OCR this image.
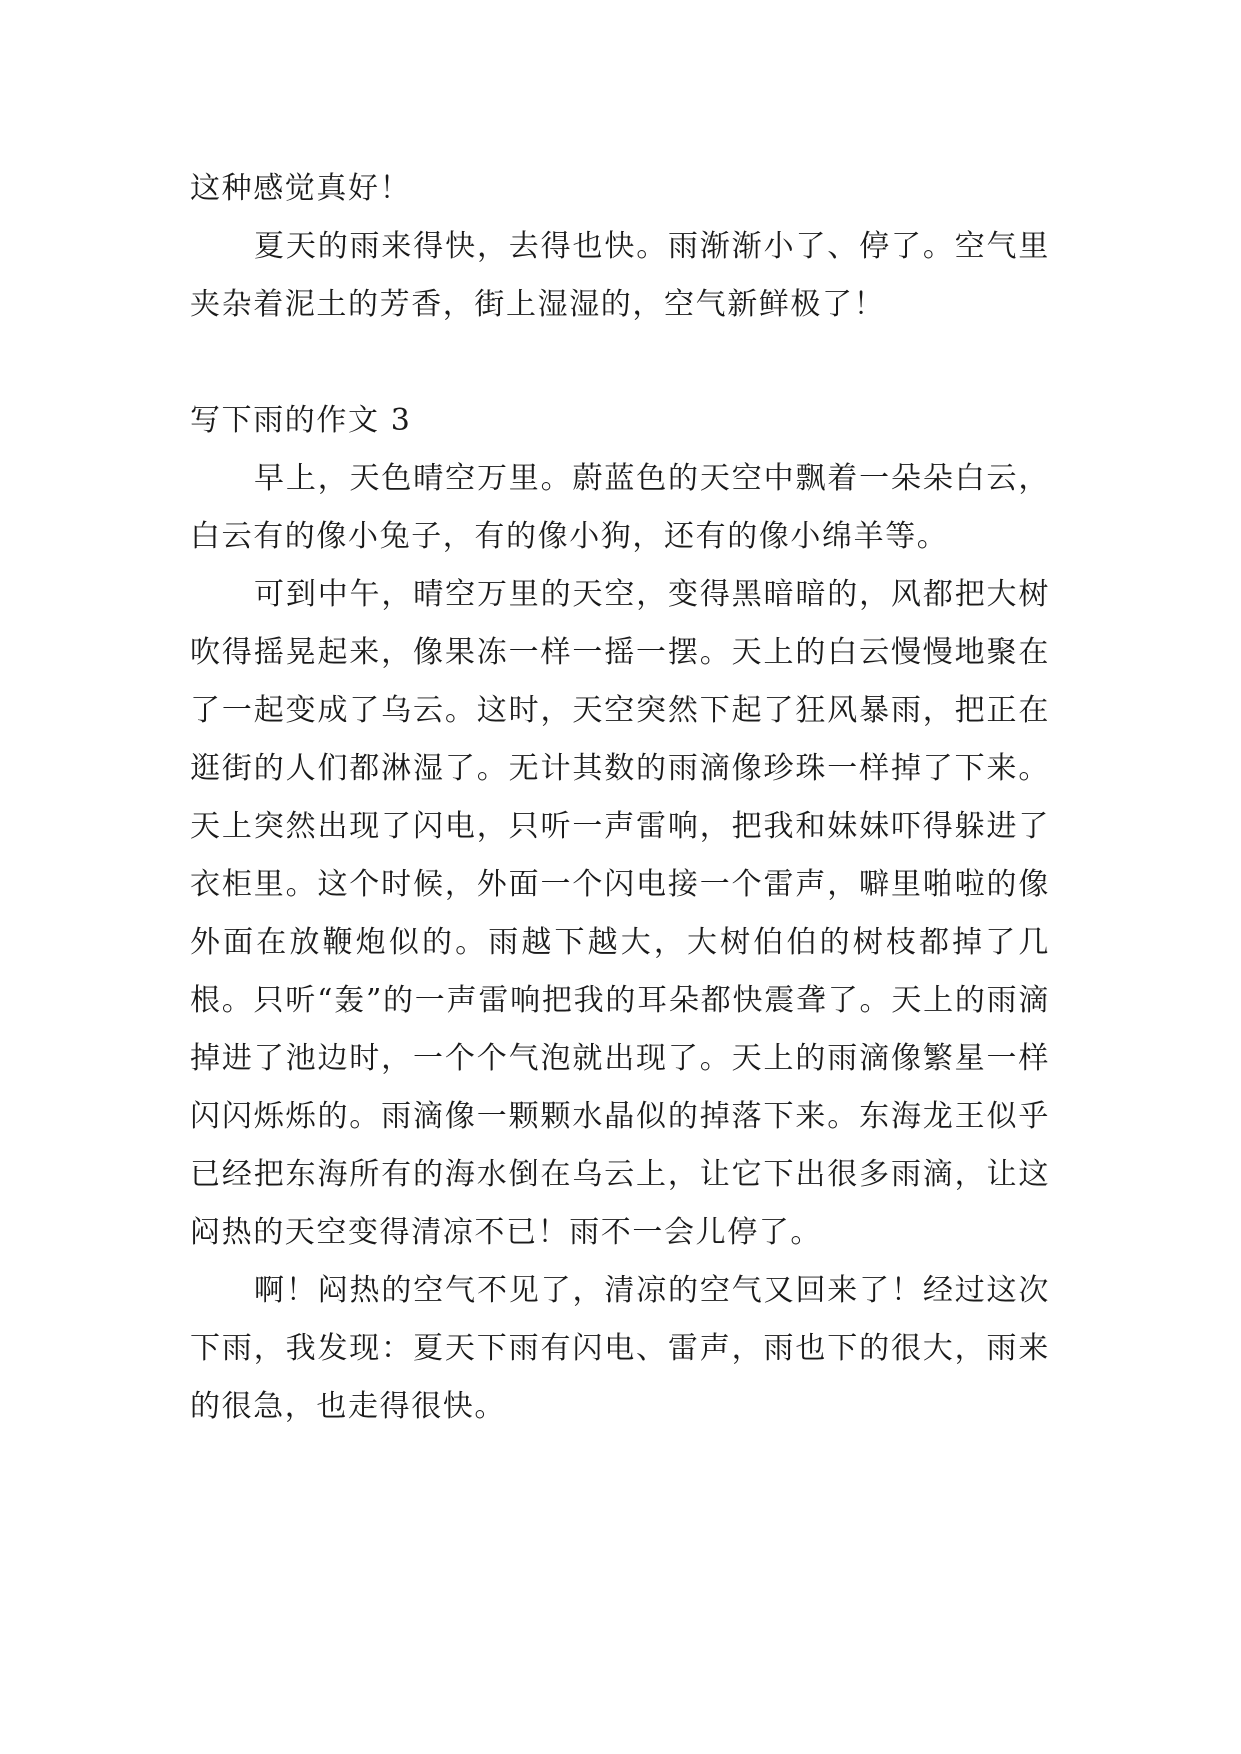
这种感觉真好！

夏天的雨来得快，去得也快。雨渐渐小了、停了。空气里夹杂着泥土的芳香，街上湿湿的，空气新鲜极了！

写下雨的作文 3

早上，天色晴空万里。蔚蓝色的天空中飘着一朵朵白云，白云有的像小兔子，有的像小狗，还有的像小绵羊等。

可到中午，晴空万里的天空，变得黑暗暗的，风都把大树吹得摇晃起来，像果冻一样一摇一摆。天上的白云慢慢地聚在了一起变成了乌云。这时，天空突然下起了狂风暴雨，把正在逛街的人们都淋湿了。无计其数的雨滴像珍珠一样掉了下来。天上突然出现了闪电，只听一声雷响，把我和妹妹吓得躲进了衣柜里。这个时候，外面一个闪电接一个雷声，噼里啪啦的像外面在放鞭炮似的。雨越下越大，大树伯伯的树枝都掉了几根。只听“轰”的一声雷响把我的耳朵都快震聋了。天上的雨滴掉进了池边时，一个个气泡就出现了。天上的雨滴像繁星一样闪闪烁烁的。雨滴像一颗颗水晶似的掉落下来。东海龙王似乎已经把东海所有的海水倒在乌云上，让它下出很多雨滴，让这闷热的天空变得清凉不已！雨不一会儿停了。

啊！闷热的空气不见了，清凉的空气又回来了！经过这次下雨，我发现：夏天下雨有闪电、雷声，雨也下的很大，雨来的很急，也走得很快。
